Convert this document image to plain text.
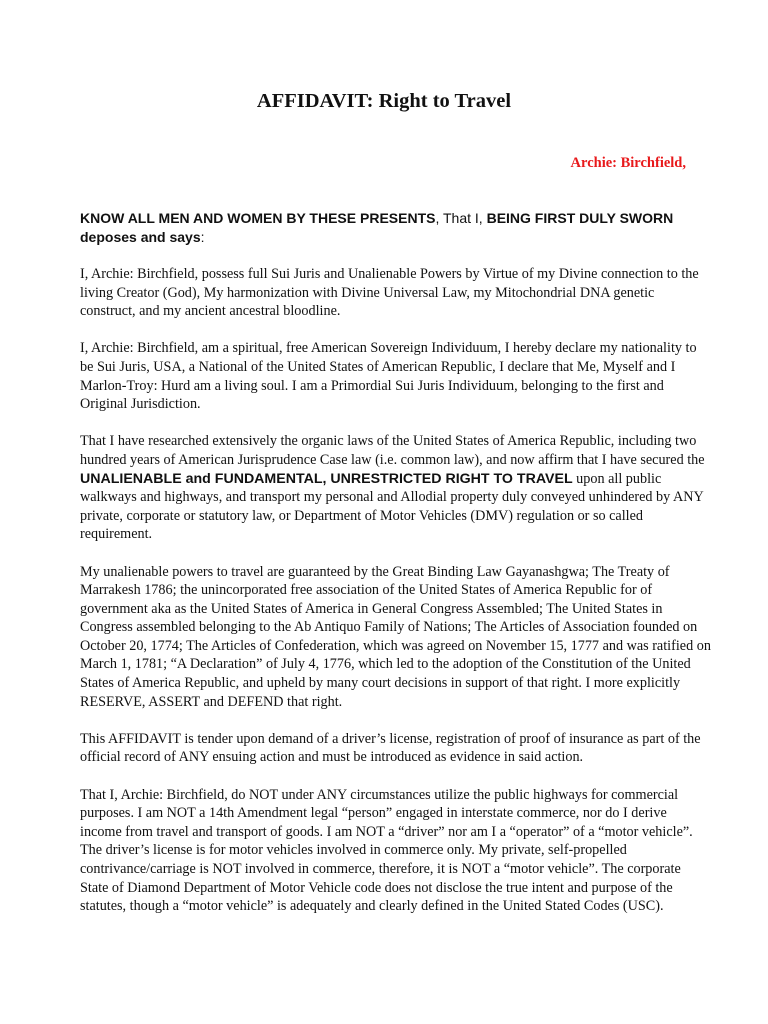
AFFIDAVIT: Right to Travel
Archie: Birchfield,
KNOW ALL MEN AND WOMEN BY THESE PRESENTS, That I, BEING FIRST DULY SWORN deposes and says:

I, Archie: Birchfield, possess full Sui Juris and Unalienable Powers by Virtue of my Divine connection to the living Creator (God), My harmonization with Divine Universal Law, my Mitochondrial DNA genetic construct, and my ancient ancestral bloodline.

I, Archie: Birchfield, am a spiritual, free American Sovereign Individuum, I hereby declare my nationality to be Sui Juris, USA, a National of the United States of American Republic, I declare that Me, Myself and I Marlon-Troy: Hurd am a living soul. I am a Primordial Sui Juris Individuum, belonging to the first and Original Jurisdiction.

That I have researched extensively the organic laws of the United States of America Republic, including two hundred years of American Jurisprudence Case law (i.e. common law), and now affirm that I have secured the UNALIENABLE and FUNDAMENTAL, UNRESTRICTED RIGHT TO TRAVEL upon all public walkways and highways, and transport my personal and Allodial property duly conveyed unhindered by ANY private, corporate or statutory law, or Department of Motor Vehicles (DMV) regulation or so called requirement.

My unalienable powers to travel are guaranteed by the Great Binding Law Gayanashgwa; The Treaty of Marrakesh 1786; the unincorporated free association of the United States of America Republic for of government aka as the United States of America in General Congress Assembled; The United States in Congress assembled belonging to the Ab Antiquo Family of Nations; The Articles of Association founded on October 20, 1774; The Articles of Confederation, which was agreed on November 15, 1777 and was ratified on March 1, 1781; “A Declaration” of July 4, 1776, which led to the adoption of the Constitution of the United States of America Republic, and upheld by many court decisions in support of that right. I more explicitly RESERVE, ASSERT and DEFEND that right.

This AFFIDAVIT is tender upon demand of a driver’s license, registration of proof of insurance as part of the official record of ANY ensuing action and must be introduced as evidence in said action.

That I, Archie: Birchfield, do NOT under ANY circumstances utilize the public highways for commercial purposes. I am NOT a 14th Amendment legal “person” engaged in interstate commerce, nor do I derive income from travel and transport of goods. I am NOT a “driver” nor am I a “operator” of a “motor vehicle”. The driver’s license is for motor vehicles involved in commerce only. My private, self-propelled contrivance/carriage is NOT involved in commerce, therefore, it is NOT a “motor vehicle”. The corporate State of Diamond Department of Motor Vehicle code does not disclose the true intent and purpose of the statutes, though a “motor vehicle” is adequately and clearly defined in the United Stated Codes (USC).
